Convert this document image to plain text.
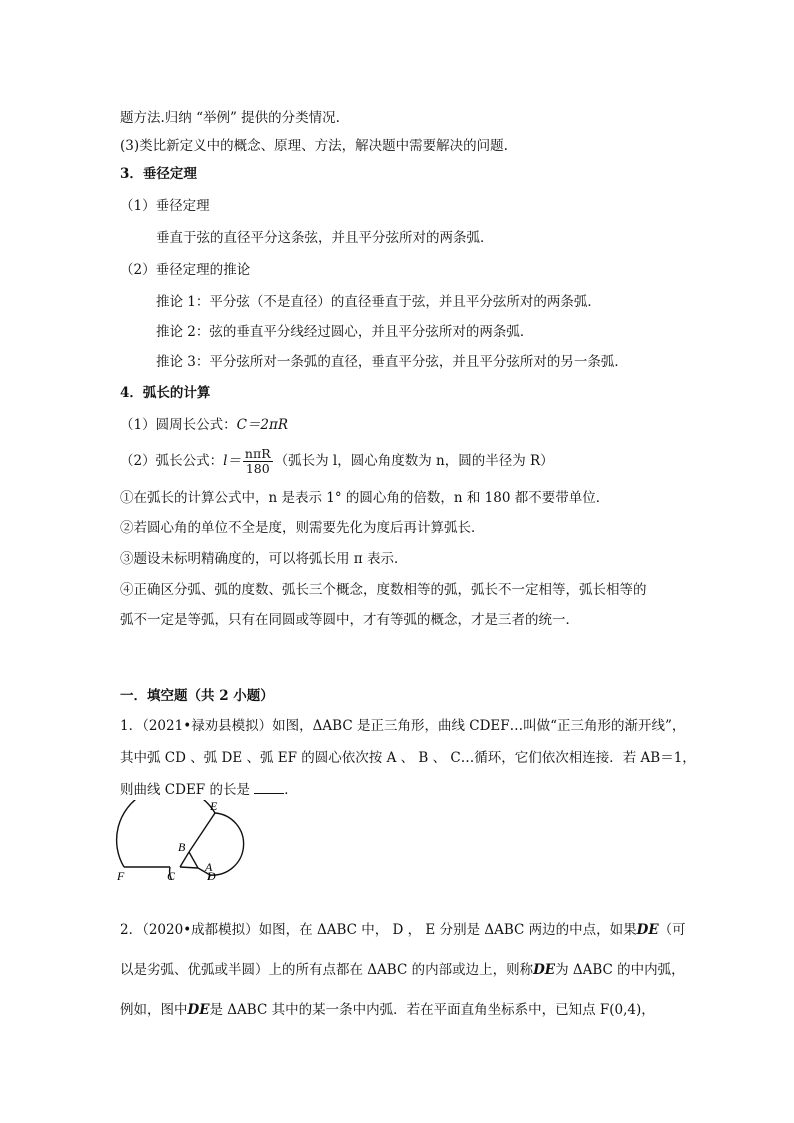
题方法.归纳 “举例” 提供的分类情况.
(3)类比新定义中的概念、原理、方法，解决题中需要解决的问题.
3．垂径定理
（1）垂径定理
垂直于弦的直径平分这条弦，并且平分弦所对的两条弧．
（2）垂径定理的推论
推论 1：平分弦（不是直径）的直径垂直于弦，并且平分弦所对的两条弧．
推论 2：弦的垂直平分线经过圆心，并且平分弦所对的两条弧．
推论 3：平分弦所对一条弧的直径，垂直平分弦，并且平分弦所对的另一条弧．
4．弧长的计算
（1）圆周长公式：C＝2πR
（2）弧长公式：$l= \frac{\text{nπR}}{180}$ （弧长为 l，圆心角度数为 n，圆的半径为 R）
①在弧长的计算公式中，n 是表示 1° 的圆心角的倍数，n 和 180 都不要带单位．
②若圆心角的单位不全是度，则需要先化为度后再计算弧长．
③题设未标明精确度的，可以将弧长用 π 表示．
④正确区分弧、弧的度数、弧长三个概念，度数相等的弧，弧长不一定相等，弧长相等的
弧不一定是等弧，只有在同圆或等圆中，才有等弧的概念，才是三者的统一．
一．填空题（共 2 小题）
1．（2021•禄劝县模拟）如图，ΔABC 是正三角形，曲线 CDEF…叫做“正三角形的渐开线”，
其中弧 CD 、弧 DE 、弧 EF 的圆心依次按 A 、 B 、 C…循环，它们依次相连接．若 AB＝1，
则曲线 CDEF 的长是	．
E
B
A
F	C	D
2．（2020•成都模拟）如图，在 ΔABC 中， D ， E 分别是 ΔABC 两边的中点，如果DE（可
以是劣弧、优弧或半圆）上的所有点都在 ΔABC 的内部或边上，则称DE为 ΔABC 的中内弧，
例如，图中DE是 ΔABC 其中的某一条中内弧．若在平面直角坐标系中，已知点 F(0,4)，
